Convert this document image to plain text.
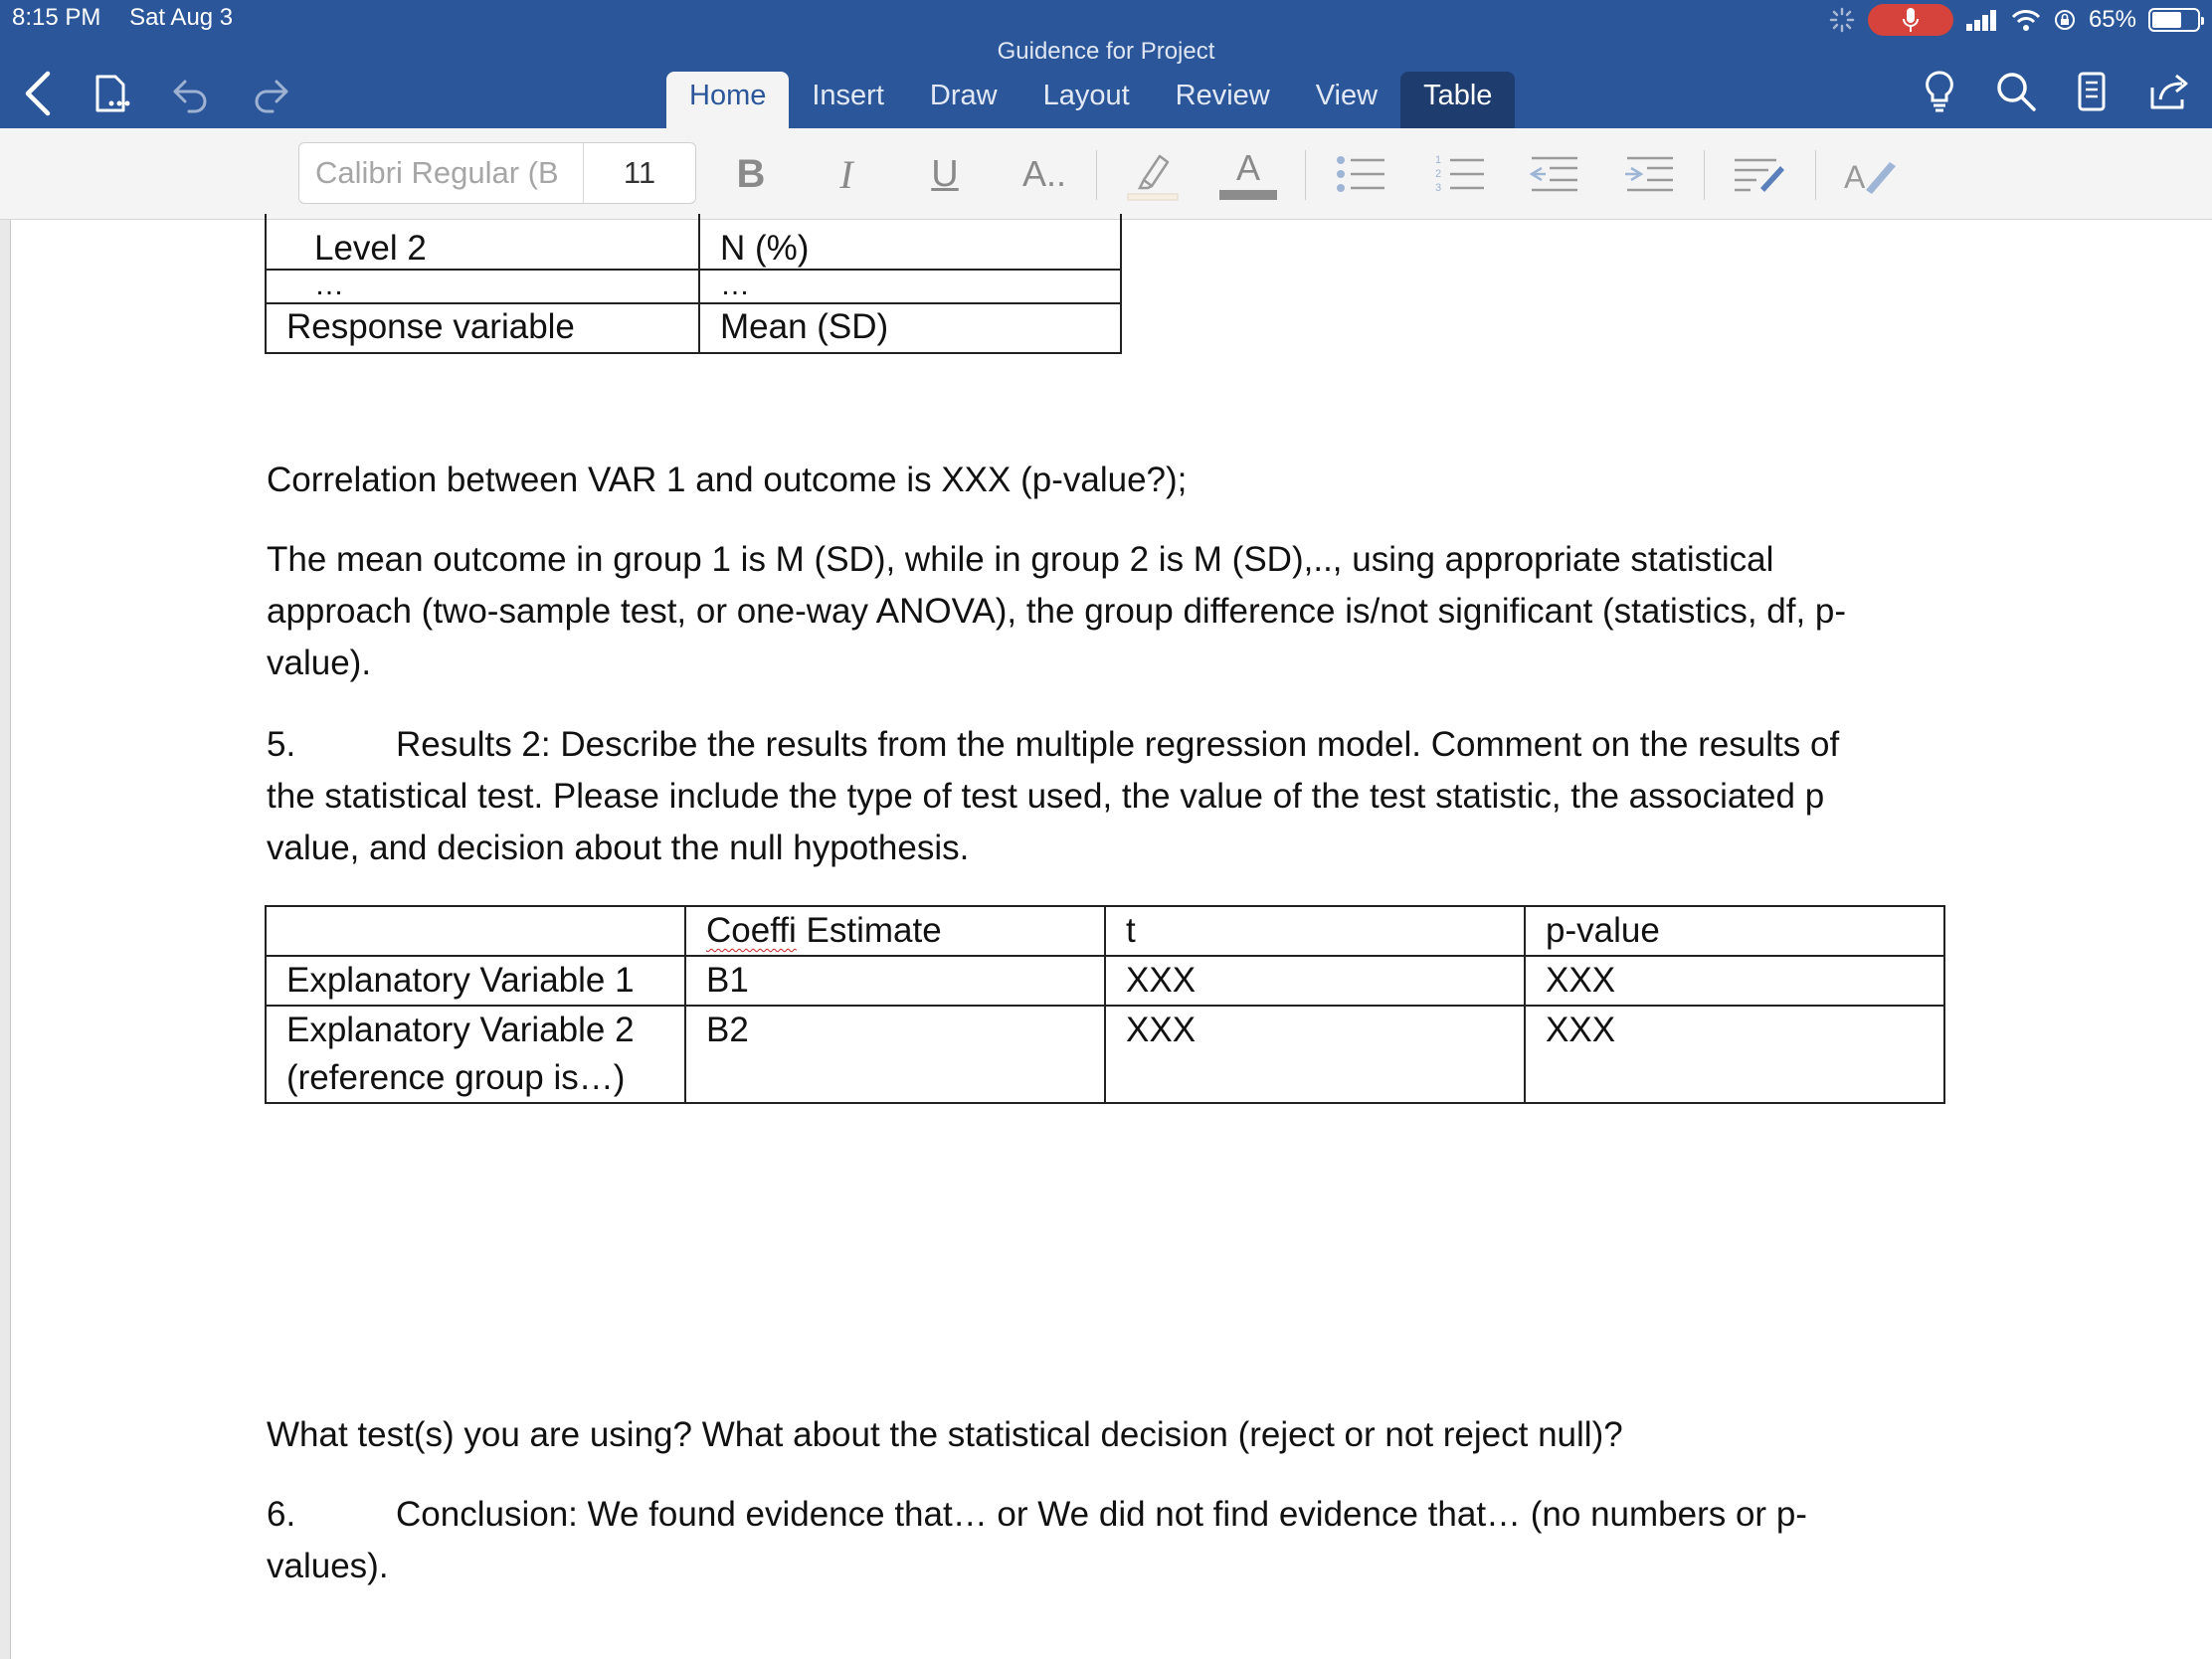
8:15 PM Sat Aug 3	65%
Guidence for Project
Home	Insert	Draw	Layout	Review	View	Table
Calibri Regular (B	11	B	I	U	A..	A	1
2
3	A
Level 2	N (%)
…	…
Response variable	Mean (SD)
Correlation between VAR 1 and outcome is XXX (p-value?);
The mean outcome in group 1 is M (SD), while in group 2 is M (SD),.., using appropriate statistical
approach (two-sample test, or one-way ANOVA), the group difference is/not significant (statistics, df, p-
value).
5.	Results 2: Describe the results from the multiple regression model. Comment on the results of
the statistical test. Please include the type of test used, the value of the test statistic, the associated p
value, and decision about the null hypothesis.
	Coeffi Estimate	t	p-value
Explanatory Variable 1	B1	XXX	XXX

Explanatory Variable 2
(reference group is…)	B2	XXX	XXX
What test(s) you are using? What about the statistical decision (reject or not reject null)?
6.	Conclusion: We found evidence that… or We did not find evidence that… (no numbers or p-
values).
